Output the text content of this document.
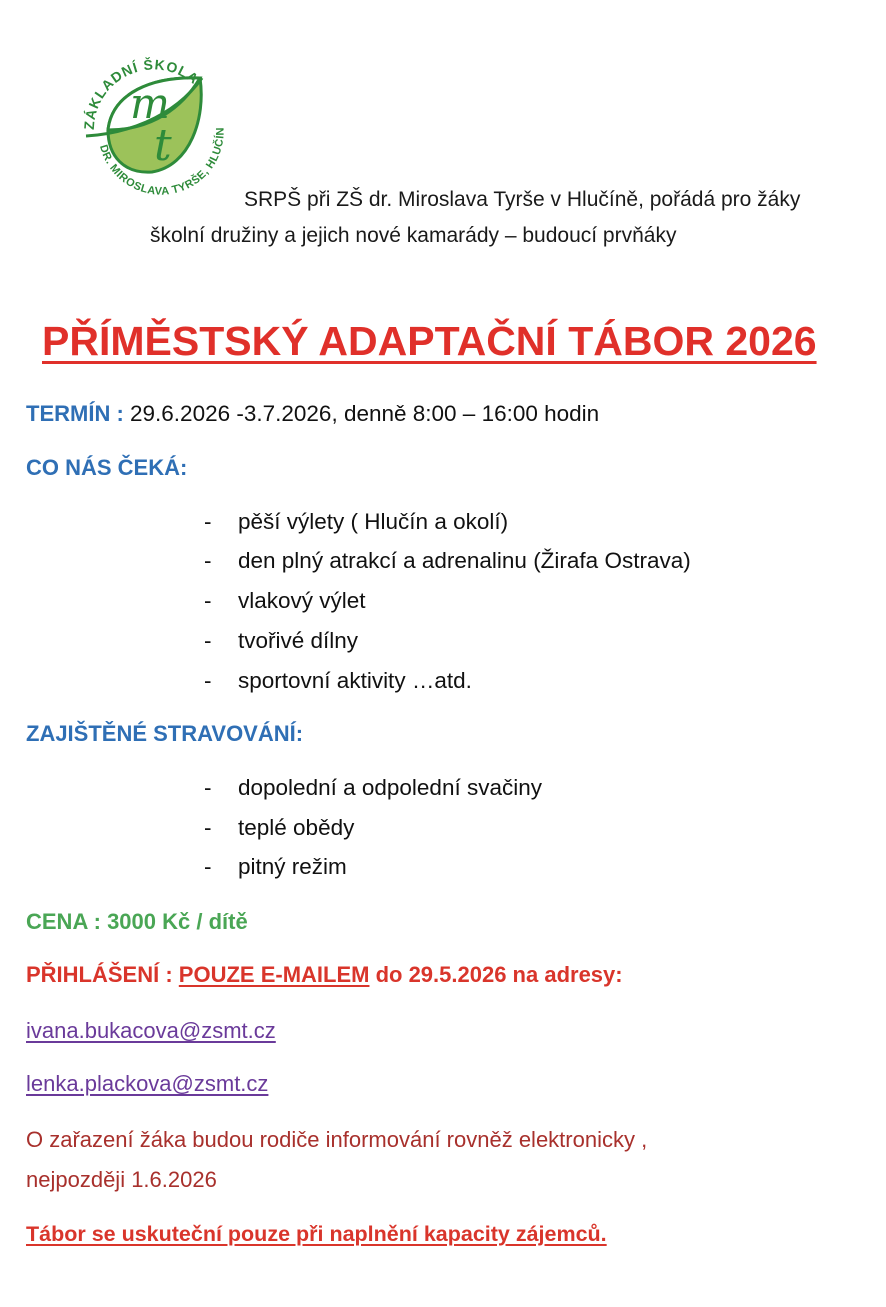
m
t
ZÁKLADNÍ ŠKOLA
DR. MIROSLAVA TYRŠE, HLUČÍN
SRPŠ při ZŠ dr. Miroslava Tyrše v Hlučíně, pořádá pro žáky
školní družiny a jejich nové kamarády – budoucí prvňáky
PŘÍMĚSTSKÝ ADAPTAČNÍ TÁBOR 2026
TERMÍN : 29.6.2026 -3.7.2026, denně 8:00 – 16:00 hodin
CO NÁS ČEKÁ:
- pěší výlety ( Hlučín a okolí)
- den plný atrakcí a adrenalinu (Žirafa Ostrava)
- vlakový výlet
- tvořivé dílny
- sportovní aktivity …atd.
ZAJIŠTĚNÉ STRAVOVÁNÍ:
- dopolední a odpolední svačiny
- teplé obědy
- pitný režim
CENA : 3000 Kč / dítě
PŘIHLÁŠENÍ : POUZE E-MAILEM do 29.5.2026 na adresy:
ivana.bukacova@zsmt.cz
lenka.plackova@zsmt.cz
O zařazení žáka budou rodiče informování rovněž elektronicky ,
nejpozději 1.6.2026
Tábor se uskuteční pouze při naplnění kapacity zájemců.
